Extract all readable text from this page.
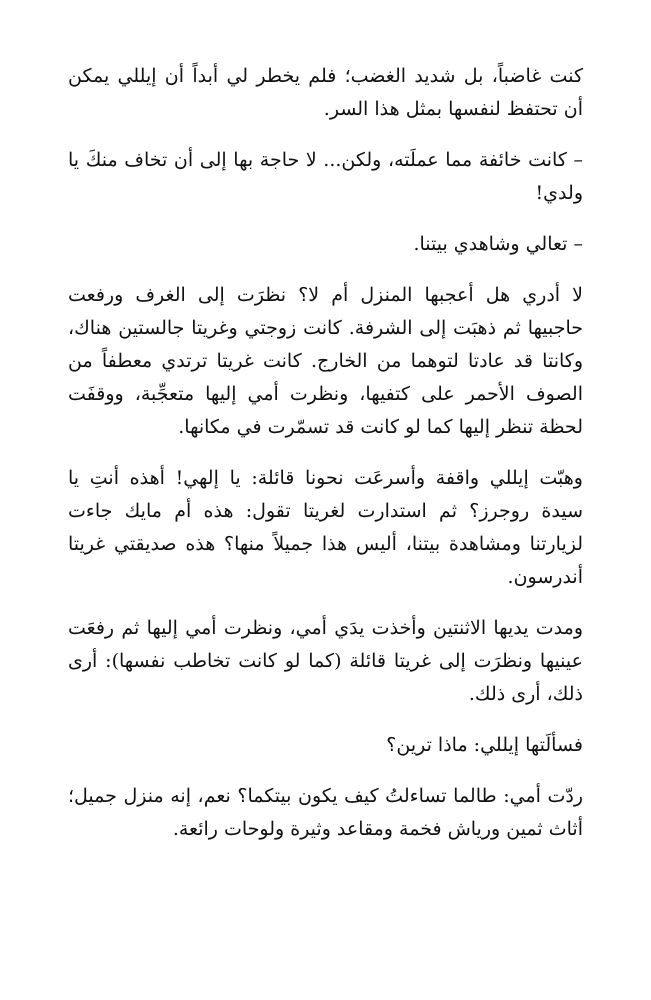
كنت غاضباً، بل شديد الغضب؛ فلم يخطر لي أبداً أن إيللي يمكن أن تحتفظ لنفسها بمثل هذا السر.

– كانت خائفة مما عملَته، ولكن... لا حاجة بها إلى أن تخاف منكَ يا ولدي!

– تعالي وشاهدي بيتنا.

لا أدري هل أعجبها المنزل أم لا؟ نظرَت إلى الغرف ورفعت حاجبيها ثم ذهبَت إلى الشرفة. كانت زوجتي وغريتا جالستين هناك، وكانتا قد عادتا لتوهما من الخارج. كانت غريتا ترتدي معطفاً من الصوف الأحمر على كتفيها، ونظرت أمي إليها متعجِّبة، ووقفَت لحظة تنظر إليها كما لو كانت قد تسمّرت في مكانها.

وهبّت إيللي واقفة وأسرعَت نحونا قائلة: يا إلهي! أهذه أنتِ يا سيدة روجرز؟ ثم استدارت لغريتا تقول: هذه أم مايك جاءت لزيارتنا ومشاهدة بيتنا، أليس هذا جميلاً منها؟ هذه صديقتي غريتا أندرسون.

ومدت يديها الاثنتين وأخذت يدَي أمي، ونظرت أمي إليها ثم رفعَت عينيها ونظرَت إلى غريتا قائلة (كما لو كانت تخاطب نفسها): أرى ذلك، أرى ذلك.

فسألَتها إيللي: ماذا ترين؟

ردّت أمي: طالما تساءلتُ كيف يكون بيتكما؟ نعم، إنه منزل جميل؛ أثاث ثمين ورياش فخمة ومقاعد وثيرة ولوحات رائعة.
